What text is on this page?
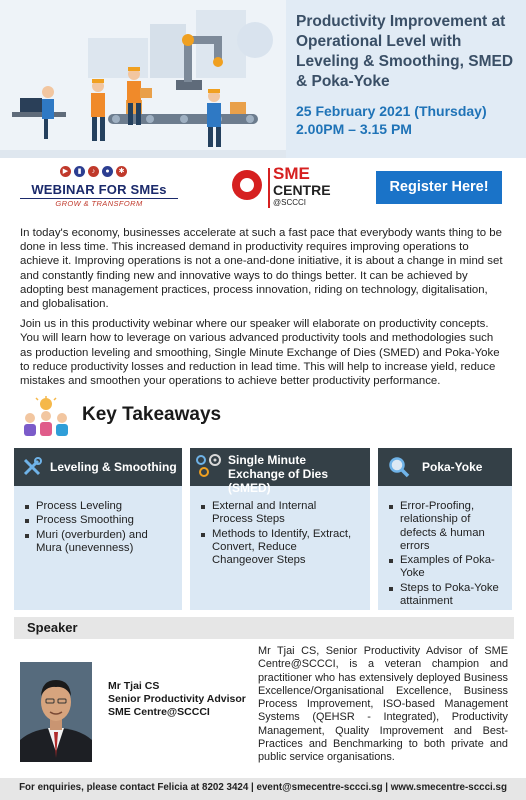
Productivity Improvement at Operational Level with Leveling & Smoothing, SMED & Poka-Yoke
25 February 2021 (Thursday)
2.00PM – 3.15 PM
▶	▮	♪	●	✱
WEBINAR FOR SMEs
GROW & TRANSFORM
SME
CENTRE
@SCCCI
Register Here!

In today's economy, businesses accelerate at such a fast pace that everybody wants thing to be done in less time. This increased demand in productivity requires improving operations to achieve it. Improving operations is not a one-and-done initiative, it is about a change in mind set and constantly finding new and innovative ways to do things better. It can be achieved by adopting best management practices, process innovation, riding on technology, digitalisation, and globalisation.

Join us in this productivity webinar where our speaker will elaborate on productivity concepts. You will learn how to leverage on various advanced productivity tools and methodologies such as production leveling and smoothing, Single Minute Exchange of Dies (SMED) and Poka-Yoke to reduce productivity losses and reduction in lead time. This will help to increase yield, reduce mistakes and smoothen your operations to achieve better productivity performance.

Key Takeaways
Leveling & Smoothing
Process Leveling
Process Smoothing
Muri (overburden) and Mura (unevenness)
Single Minute Exchange of Dies (SMED)
External and Internal Process Steps
Methods to Identify, Extract, Convert, Reduce Changeover Steps
Poka-Yoke
Error-Proofing, relationship of defects & human errors
Examples of Poka-Yoke
Steps to Poka-Yoke attainment
Speaker
Mr Tjai CS
Senior Productivity Advisor
SME Centre@SCCCI
Mr Tjai CS, Senior Productivity Advisor of SME Centre@SCCCI, is a veteran champion and practitioner who has extensively deployed Business Excellence/Organisational Excellence, Business Process Improvement, ISO-based Management Systems (QEHSR - Integrated), Productivity Management, Quality Improvement and Best-Practices and Benchmarking to both private and public service organisations.
For enquiries, please contact Felicia at 8202 3424 | event@smecentre-sccci.sg | www.smecentre-sccci.sg
